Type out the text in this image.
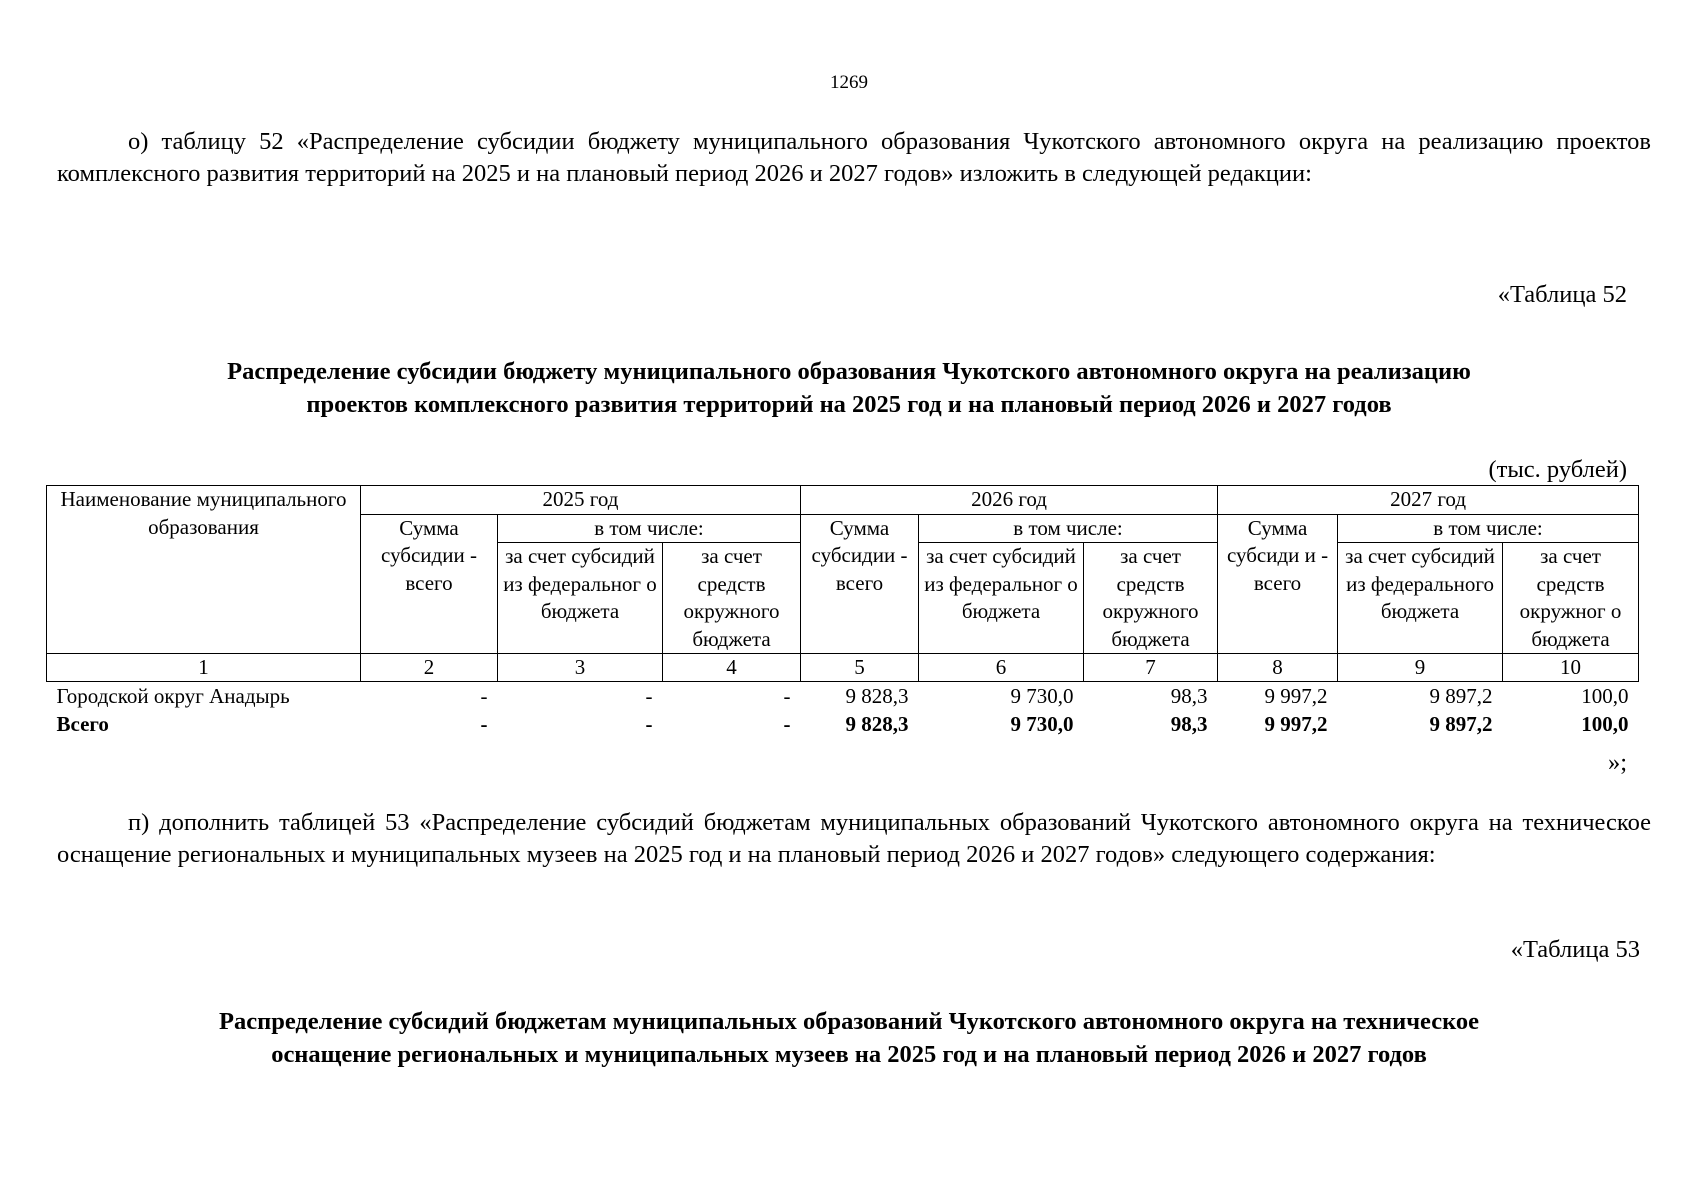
1269

о) таблицу 52 «Распределение субсидии бюджету муниципального образования Чукотского автономного округа на реализацию проектов комплексного развития территорий на 2025 и на плановый период 2026 и 2027 годов» изложить в следующей редакции:

«Таблица 52
Распределение субсидии бюджету муниципального образования Чукотского автономного округа на реализацию
проектов комплексного развития территорий на 2025 год и на плановый период 2026 и 2027 годов
(тыс. рублей)
Наименование муниципального образования	2025 год			2026 год			2027 год		
	Сумма субсидии - всего	в том числе:		Сумма субсидии - всего	в том числе:		Сумма субсиди и - всего	в том числе:	
		за счет субсидий из федеральног о бюджета	за счет средств окружного бюджета		за счет субсидий из федеральног о бюджета	за счет средств окружного бюджета		за счет субсидий из федерального бюджета	за счет средств окружног о бюджета
1	2	3	4	5	6	7	8	9	10
Городской округ Анадырь	-	-	-	9 828,3	9 730,0	98,3	9 997,2	9 897,2	100,0
Всего	-	-	-	9 828,3	9 730,0	98,3	9 997,2	9 897,2	100,0
»;

п) дополнить таблицей 53 «Распределение субсидий бюджетам муниципальных образований Чукотского автономного округа на техническое оснащение региональных и муниципальных музеев на 2025 год и на плановый период 2026 и 2027 годов» следующего содержания:

«Таблица 53
Распределение субсидий бюджетам муниципальных образований Чукотского автономного округа на техническое
оснащение региональных и муниципальных музеев на 2025 год и на плановый период 2026 и 2027 годов
